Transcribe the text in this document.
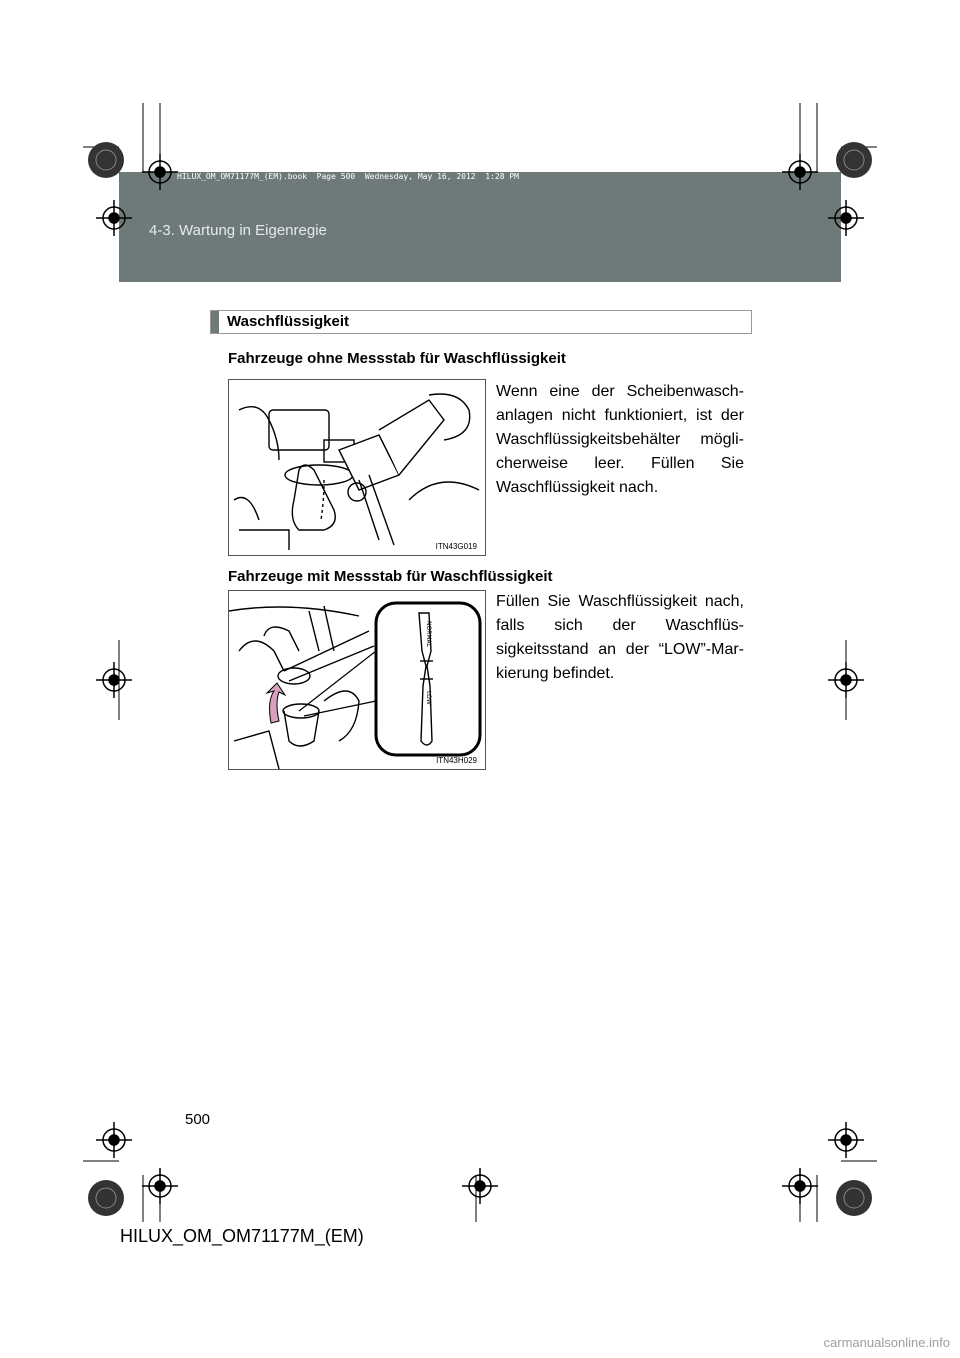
HILUX_OM_OM71177M_(EM).book  Page 500  Wednesday, May 16, 2012  1:28 PM
4-3. Wartung in Eigenregie
Waschflüssigkeit
Fahrzeuge ohne Messstab für Waschflüssigkeit
ITN43G019
Wenn eine der Scheibenwasch-anlagen nicht funktioniert, ist der Waschflüssigkeitsbehälter mögli-cherweise leer. Füllen Sie Waschflüssigkeit nach.
Fahrzeuge mit Messstab für Waschflüssigkeit
NORMAL
LOW
ITN43H029
Füllen Sie Waschflüssigkeit nach, falls sich der Waschflüs-sigkeitsstand an der “LOW”-Mar-kierung befindet.
500
HILUX_OM_OM71177M_(EM)
carmanualsonline.info
